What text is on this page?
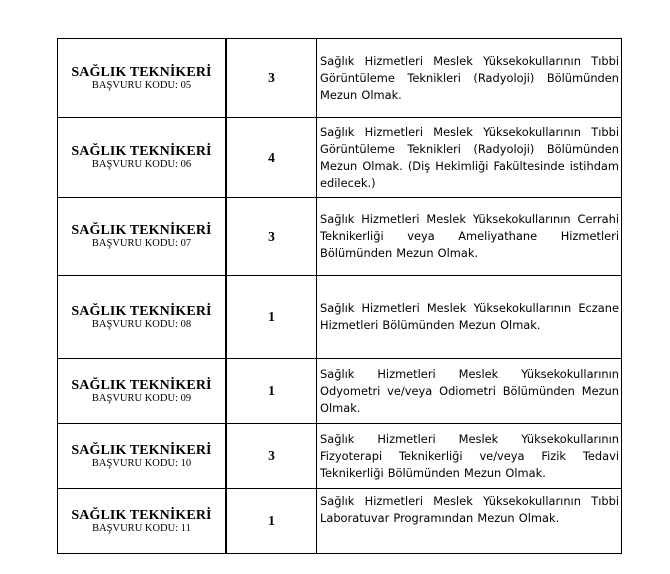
SAĞLIK TEKNİKERİ
BAŞVURU KODU: 05	3	Sağlık Hizmetleri Meslek Yüksekokullarının Tıbbi Görüntüleme Teknikleri (Radyoloji) Bölümünden Mezun Olmak.

SAĞLIK TEKNİKERİ
BAŞVURU KODU: 06	4	Sağlık Hizmetleri Meslek Yüksekokullarının Tıbbi Görüntüleme Teknikleri (Radyoloji) Bölümünden Mezun Olmak. (Diş Hekimliği Fakültesinde istihdam edilecek.)

SAĞLIK TEKNİKERİ
BAŞVURU KODU: 07	3	Sağlık Hizmetleri Meslek Yüksekokullarının Cerrahi Teknikerliği veya Ameliyathane Hizmetleri Bölümünden Mezun Olmak.

SAĞLIK TEKNİKERİ
BAŞVURU KODU: 08	1	Sağlık Hizmetleri Meslek Yüksekokullarının Eczane Hizmetleri Bölümünden Mezun Olmak.

SAĞLIK TEKNİKERİ
BAŞVURU KODU: 09	1	Sağlık Hizmetleri Meslek Yüksekokullarının Odyometri ve/veya Odiometri Bölümünden Mezun Olmak.

SAĞLIK TEKNİKERİ
BAŞVURU KODU: 10	3	Sağlık Hizmetleri Meslek Yüksekokullarının Fizyoterapi Teknikerliği ve/veya Fizik Tedavi Teknikerliği Bölümünden Mezun Olmak.

SAĞLIK TEKNİKERİ
BAŞVURU KODU: 11	1	Sağlık Hizmetleri Meslek Yüksekokullarının Tıbbi Laboratuvar Programından Mezun Olmak.
